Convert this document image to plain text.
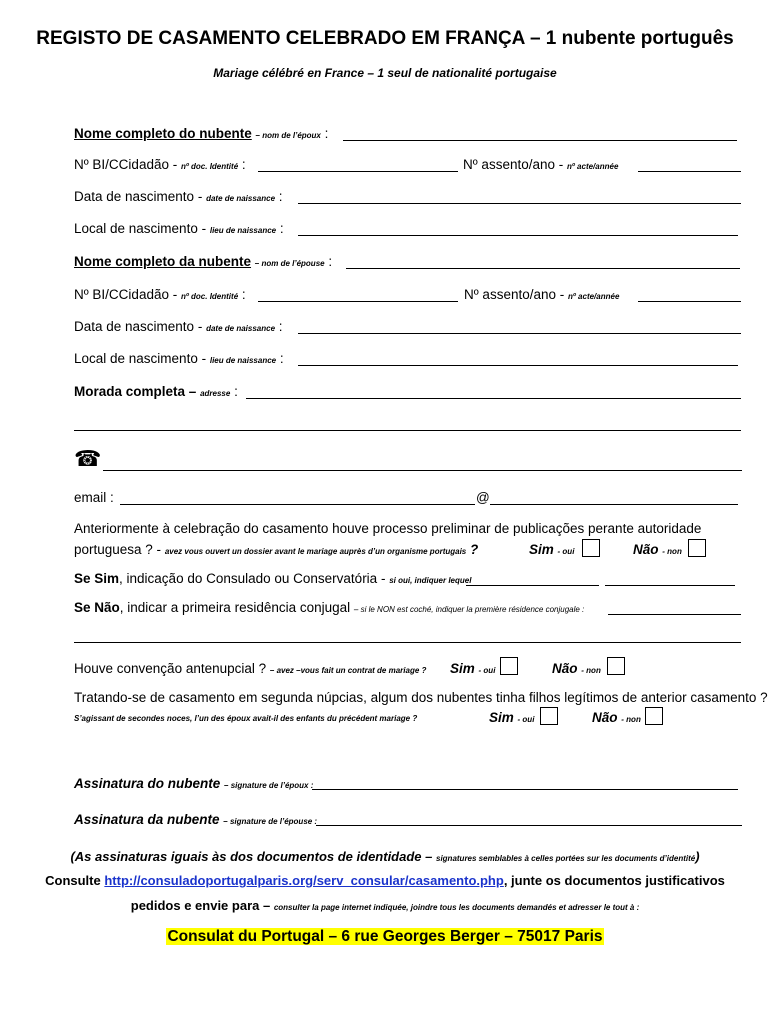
REGISTO DE CASAMENTO CELEBRADO EM FRANÇA – 1 nubente português
Mariage célébré en France – 1 seul de nationalité portugaise
Nome completo do nubente – nom de l’époux :
Nº BI/CCidadão - nº doc. Identité :	Nº assento/ano - nº acte/année
Data de nascimento - date de naissance :
Local de nascimento - lieu de naissance :
Nome completo da nubente – nom de l’épouse :
Nº BI/CCidadão - nº doc. Identité :	Nº assento/ano - nº acte/année
Data de nascimento - date de naissance :
Local de nascimento - lieu de naissance :
Morada completa – adresse :
☎
email :	@
Anteriormente à celebração do casamento houve processo preliminar de publicações perante autoridade
portuguesa ? - avez vous ouvert un dossier avant le mariage auprès d’un organisme portugais ?	Sim - oui	Não - non
Se Sim, indicação do Consulado ou Conservatória - si oui, indiquer lequel
Se Não, indicar a primeira residência conjugal – si le NON est coché, indiquer la première résidence conjugale :
Houve convenção antenupcial ? – avez –vous fait un contrat de mariage ? Sim - oui	Não - non
Tratando-se de casamento em segunda núpcias, algum dos nubentes tinha filhos legítimos de anterior casamento ?
S’agissant de secondes noces, l’un des époux avait-il des enfants du précédent mariage ?	Sim - oui	Não - non
Assinatura do nubente – signature de l’époux :
Assinatura da nubente – signature de l’épouse :
(As assinaturas iguais às dos documentos de identidade – signatures semblables à celles portées sur les documents d’identité)
Consulte http://consuladoportugalparis.org/serv_consular/casamento.php, junte os documentos justificativos
pedidos e envie para – consulter la page internet indiquée, joindre tous les documents demandés et adresser le tout à :
Consulat du Portugal – 6 rue Georges Berger – 75017 Paris
